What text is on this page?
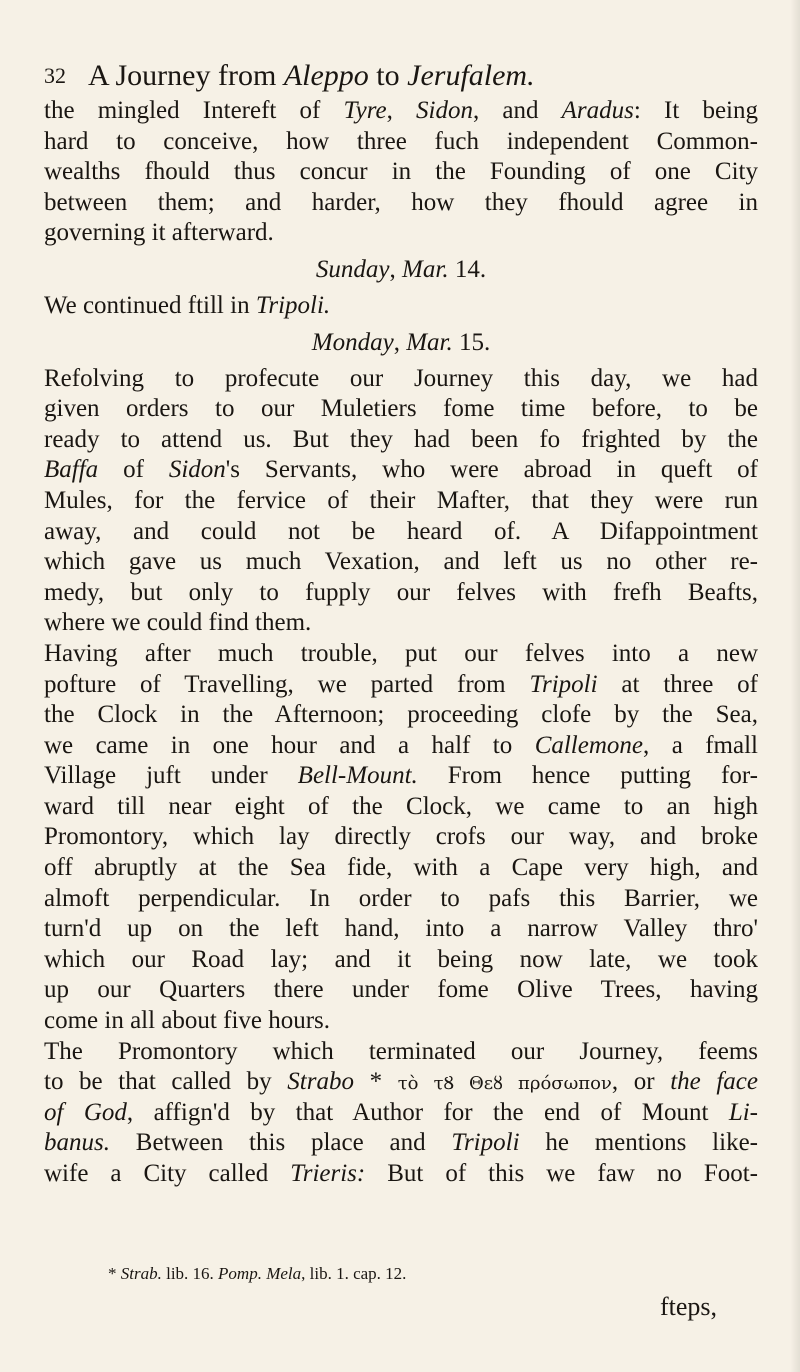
32 A Journey from Aleppo to Jerufalem.
the mingled Intereft of Tyre, Sidon, and Aradus: It being
hard to conceive, how three fuch independent Common-
wealths fhould thus concur in the Founding of one City
between them; and harder, how they fhould agree in
governing it afterward.
Sunday, Mar. 14.
We continued ftill in Tripoli.
Monday, Mar. 15.
Refolving to profecute our Journey this day, we had
given orders to our Muletiers fome time before, to be
ready to attend us. But they had been fo frighted by the
Baffa of Sidon's Servants, who were abroad in queft of
Mules, for the fervice of their Mafter, that they were run
away, and could not be heard of. A Difappointment
which gave us much Vexation, and left us no other re-
medy, but only to fupply our felves with frefh Beafts,
where we could find them.
Having after much trouble, put our felves into a new
pofture of Travelling, we parted from Tripoli at three of
the Clock in the Afternoon; proceeding clofe by the Sea,
we came in one hour and a half to Callemone, a fmall
Village juft under Bell-Mount. From hence putting for-
ward till near eight of the Clock, we came to an high
Promontory, which lay directly crofs our way, and broke
off abruptly at the Sea fide, with a Cape very high, and
almoft perpendicular. In order to pafs this Barrier, we
turn'd up on the left hand, into a narrow Valley thro'
which our Road lay; and it being now late, we took
up our Quarters there under fome Olive Trees, having
come in all about five hours.
The Promontory which terminated our Journey, feems
to be that called by Strabo * τὸ τȢ Θεȣ πρόσωπον, or the face
of God, affign'd by that Author for the end of Mount Li-
banus. Between this place and Tripoli he mentions like-
wife a City called Trieris: But of this we faw no Foot-
* Strab. lib. 16. Pomp. Mela, lib. 1. cap. 12.
fteps,
